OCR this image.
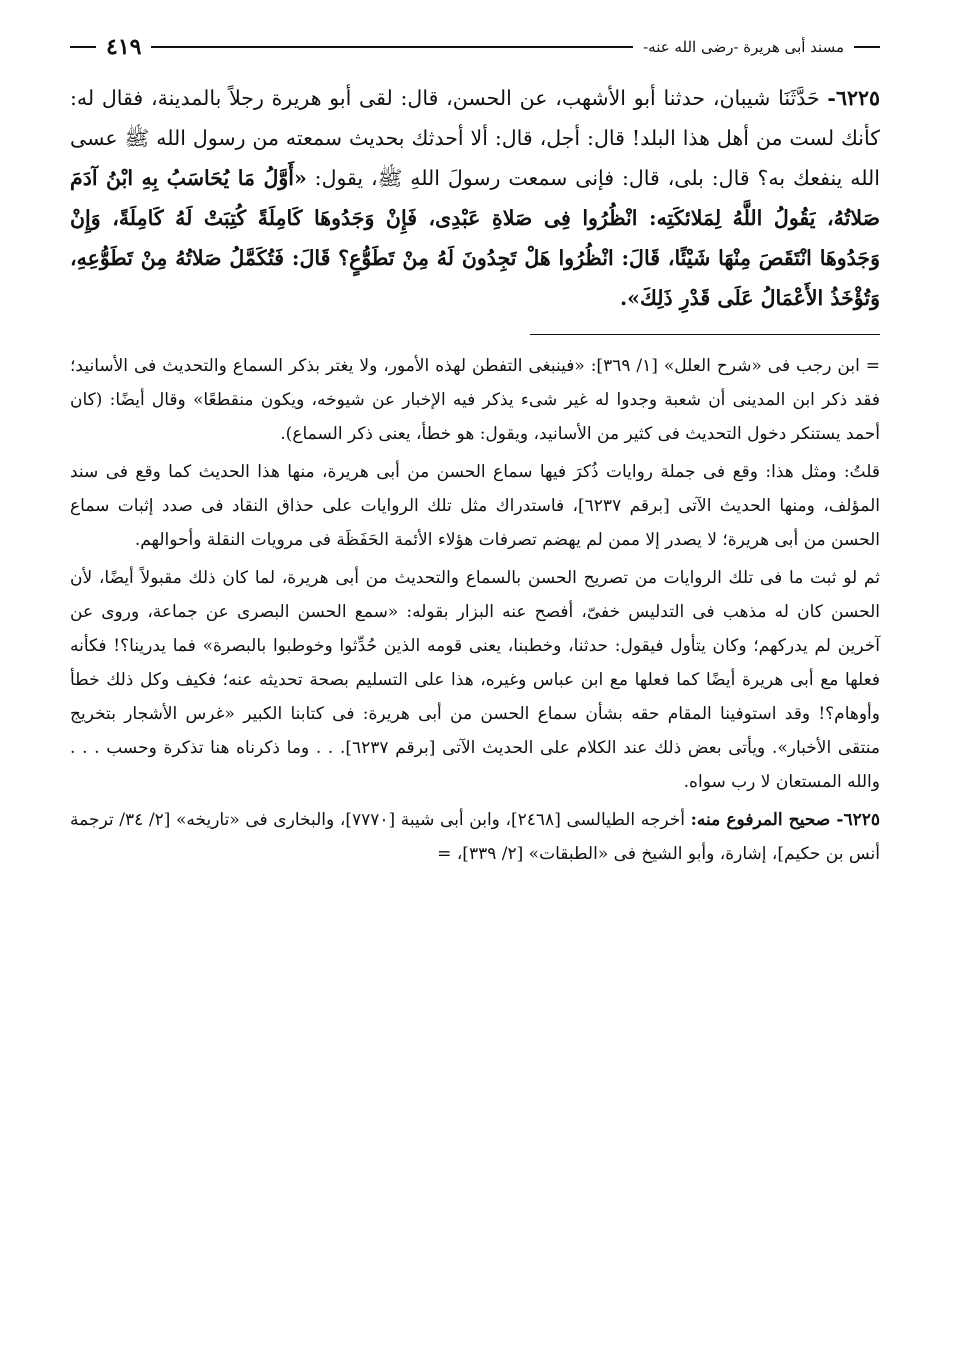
مسند أبى هريرة -رضى الله عنه-
٤١٩
٦٢٢٥- حَدَّثَنَا شيبان، حدثنا أبو الأشهب، عن الحسن، قال: لقى أبو هريرة رجلاً بالمدينة، فقال له: كأنك لست من أهل هذا البلد! قال: أجل، قال: ألا أحدثك بحديث سمعته من رسول الله ﷺ عسى الله ينفعك به؟ قال: بلى، قال: فإنى سمعت رسولَ اللهِ ﷺ، يقول: «أَوَّلُ مَا يُحَاسَبُ بِهِ ابْنُ آدَمَ صَلاتُهُ، يَقُولُ اللَّهُ لِمَلائكَتِه: انْظُرُوا فِى صَلاةِ عَبْدِى، فَإِنْ وَجَدُوهَا كَامِلَةً كُتِبَتْ لَهُ كَامِلَةً، وَإِنْ وَجَدُوهَا انْتَقَصَ مِنْهَا شَيْئًا، قَالَ: انْظُرُوا هَلْ تَجِدُونَ لَهُ مِنْ تَطَوُّعٍ؟ قَالَ: فَتُكَمَّلُ صَلاتُهُ مِنْ تَطَوُّعِهِ، وَتُؤْخَذُ الأَعْمَالُ عَلَى قَدْرِ ذَلِكَ».

= ابن رجب فى «شرح العلل» [١/ ٣٦٩]: «فينبغى التفطن لهذه الأمور، ولا يغتر بذكر السماع والتحديث فى الأسانيد؛ فقد ذكر ابن المدينى أن شعبة وجدوا له غير شىء يذكر فيه الإخبار عن شيوخه، ويكون منقطعًا» وقال أيضًا: (كان أحمد يستنكر دخول التحديث فى كثير من الأسانيد، ويقول: هو خطأ، يعنى ذكر السماع).

قلتُ: ومثل هذا: وقع فى جملة روايات ذُكرَ فيها سماع الحسن من أبى هريرة، منها هذا الحديث كما وقع فى سند المؤلف، ومنها الحديث الآتى [برقم ٦٢٣٧]، فاستدراك مثل تلك الروايات على حذاق النقاد فى صدد إثبات سماع الحسن من أبى هريرة؛ لا يصدر إلا ممن لم يهضم تصرفات هؤلاء الأئمة الحَفَظَة فى مرويات النقلة وأحوالهم.

ثم لو ثبت ما فى تلك الروايات من تصريح الحسن بالسماع والتحديث من أبى هريرة، لما كان ذلك مقبولاً أيضًا، لأن الحسن كان له مذهب فى التدليس خفىّ، أفصح عنه البزار بقوله: «سمع الحسن البصرى عن جماعة، وروى عن آخرين لم يدركهم؛ وكان يتأول فيقول: حدثنا، وخطبنا، يعنى قومه الذين حُدِّثوا وخوطبوا بالبصرة» فما يدرينا؟! فكأنه فعلها مع أبى هريرة أيضًا كما فعلها مع ابن عباس وغيره، هذا على التسليم بصحة تحديثه عنه؛ فكيف وكل ذلك خطأ وأوهام؟! وقد استوفينا المقام حقه بشأن سماع الحسن من أبى هريرة: فى كتابنا الكبير «غرس الأشجار بتخريج منتقى الأخبار». ويأتى بعض ذلك عند الكلام على الحديث الآتى [برقم ٦٢٣٧]. . . وما ذكرناه هنا تذكرة وحسب . . . والله المستعان لا رب سواه.

٦٢٢٥- صحيح المرفوع منه: أخرجه الطيالسى [٢٤٦٨]، وابن أبى شيبة [٧٧٧٠]، والبخارى فى «تاريخه» [٢/ ٣٤/ ترجمة أنس بن حكيم]، إشارة، وأبو الشيخ فى «الطبقات» [٢/ ٣٣٩]، =
